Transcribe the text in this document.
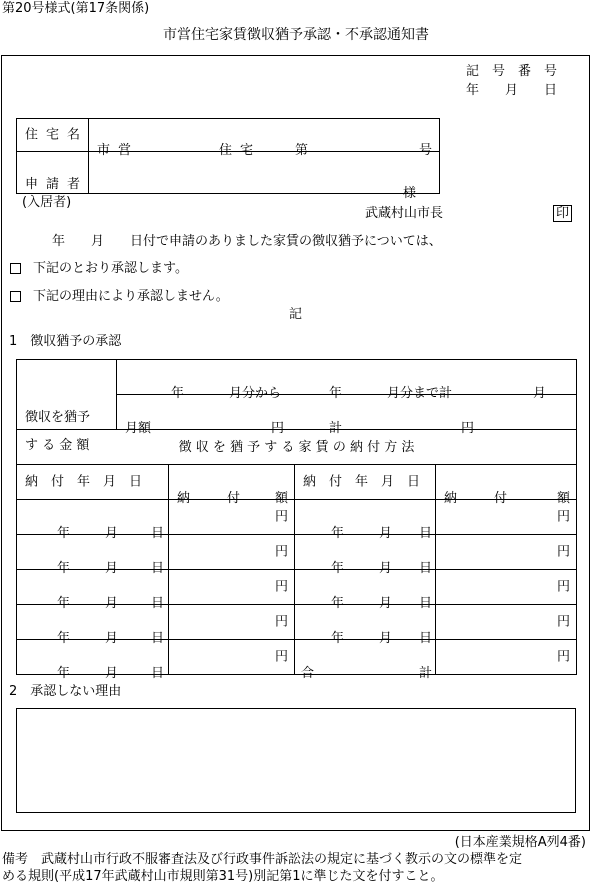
第20号様式(第17条関係)
市営住宅家賃徴収猶予承認・不承認通知書
記　号　番　号
年　　月　　日
住宅名	市営 住宅 第 号

申請者
(入居者)	様
武蔵村山市長	印
年　　月　　日付で申請のありました家賃の徴収猶予については、
下記のとおり承認します。
下記の理由により承認しません。
記
1　徴収猶予の承認
徴収を猶予
す る 金 額	年 月分から 年 月分まで計 月			

	月額 円 計 円			

徴 収 を 猶 予 す る 家 賃 の 納 付 方 法				

納　付　年　月　日		納 付 額	納　付　年　月　日	納 付 額

年 月 日		円	年 月 日	円

年 月 日		円	年 月 日	円

年 月 日		円	年 月 日	円

年 月 日		円	年 月 日	円

年 月 日		円	合 計	円
2　承認しない理由
(日本産業規格A列4番)
備考　武蔵村山市行政不服審査法及び行政事件訴訟法の規定に基づく教示の文の標準を定
める規則(平成17年武蔵村山市規則第31号)別記第1に準じた文を付すこと。
